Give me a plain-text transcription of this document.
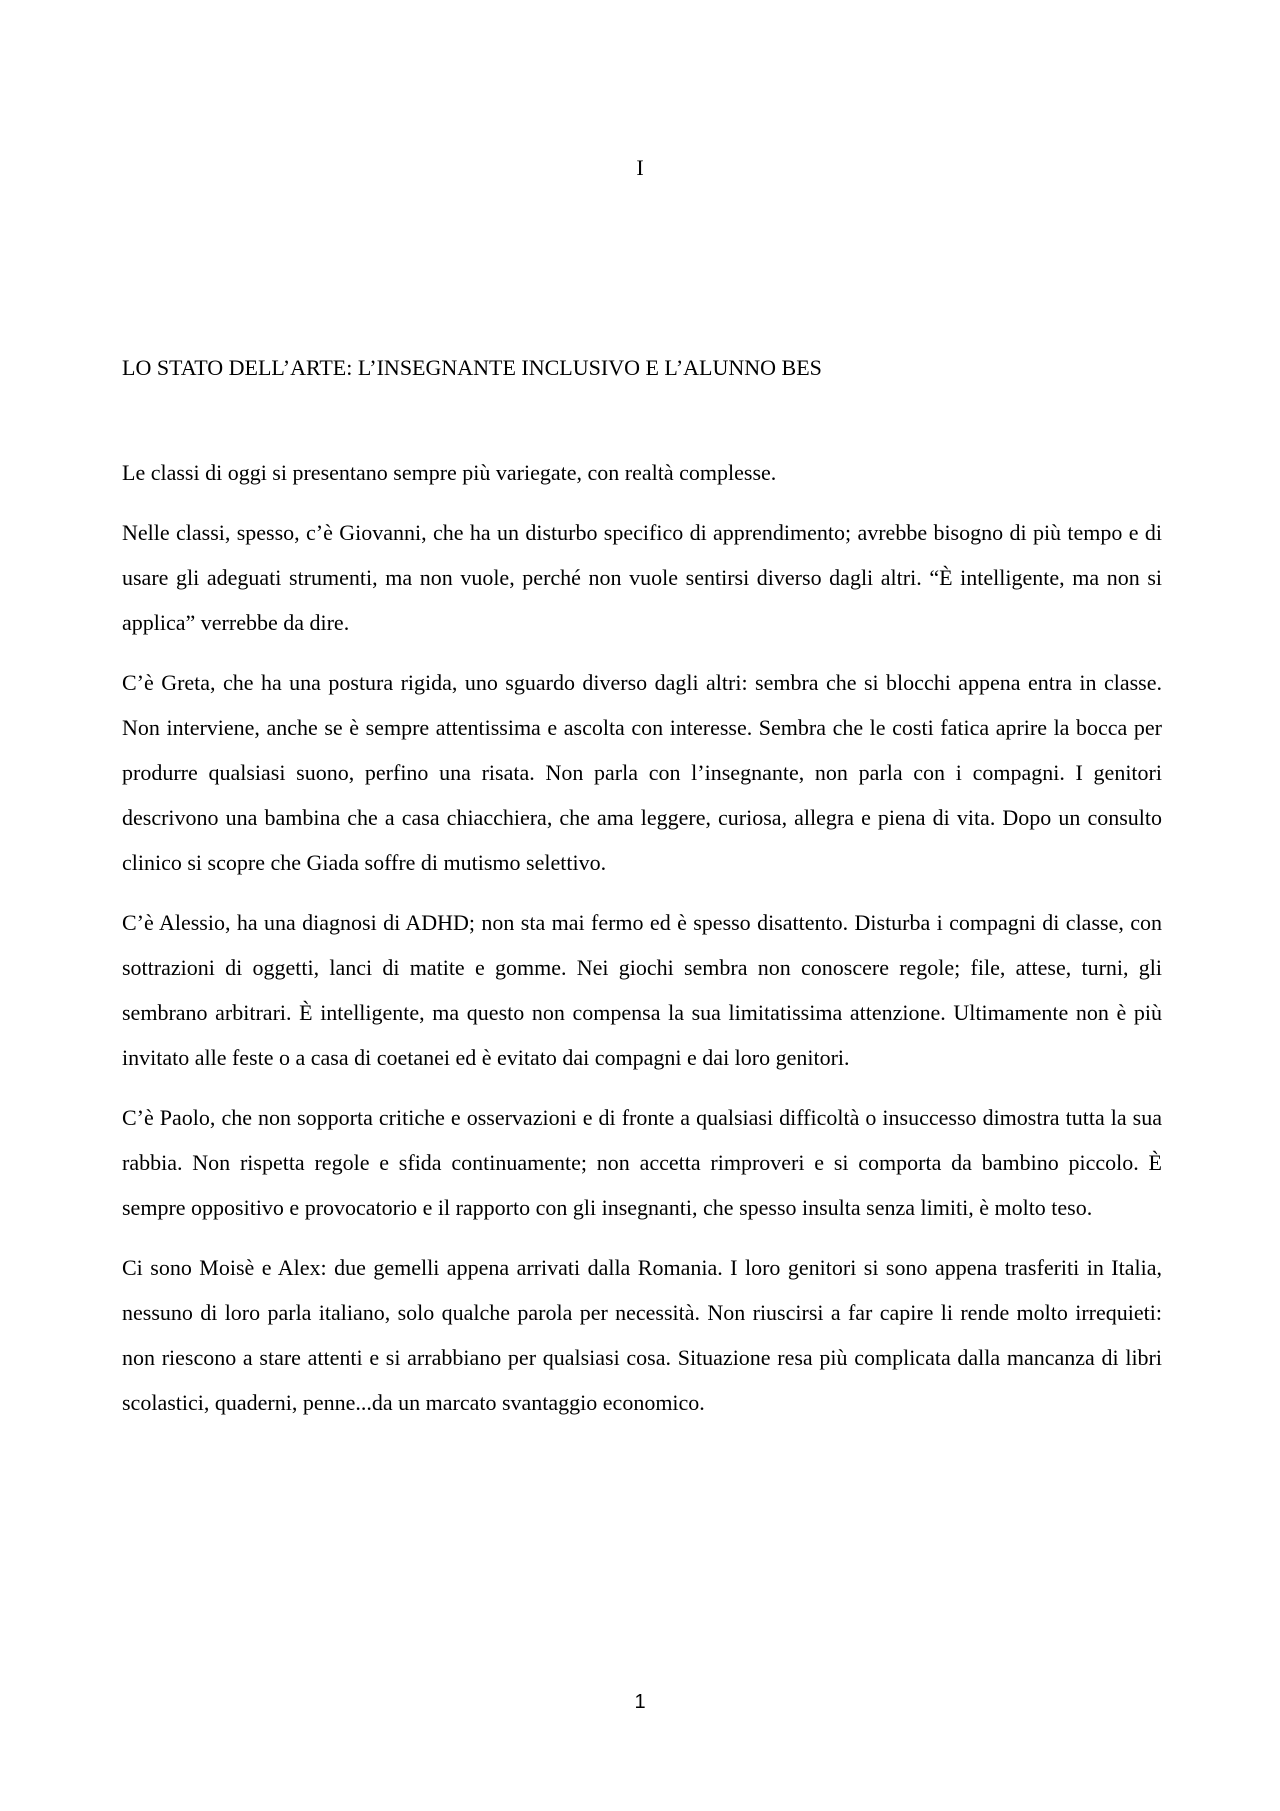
I
LO STATO DELL’ARTE: L’INSEGNANTE INCLUSIVO E L’ALUNNO BES

Le classi di oggi si presentano sempre più variegate, con realtà complesse.

Nelle classi, spesso, c’è Giovanni, che ha un disturbo specifico di apprendimento; avrebbe bisogno di più tempo e di usare gli adeguati strumenti, ma non vuole, perché non vuole sentirsi diverso dagli altri. “È intelligente, ma non si applica” verrebbe da dire.

C’è Greta, che ha una postura rigida, uno sguardo diverso dagli altri: sembra che si blocchi appena entra in classe. Non interviene, anche se è sempre attentissima e ascolta con interesse. Sembra che le costi fatica aprire la bocca per produrre qualsiasi suono, perfino una risata. Non parla con l’insegnante, non parla con i compagni. I genitori descrivono una bambina che a casa chiacchiera, che ama leggere, curiosa, allegra e piena di vita. Dopo un consulto clinico si scopre che Giada soffre di mutismo selettivo.

C’è Alessio, ha una diagnosi di ADHD; non sta mai fermo ed è spesso disattento. Disturba i compagni di classe, con sottrazioni di oggetti, lanci di matite e gomme. Nei giochi sembra non conoscere regole; file, attese, turni, gli sembrano arbitrari. È intelligente, ma questo non compensa la sua limitatissima attenzione. Ultimamente non è più invitato alle feste o a casa di coetanei ed è evitato dai compagni e dai loro genitori.

C’è Paolo, che non sopporta critiche e osservazioni e di fronte a qualsiasi difficoltà o insuccesso dimostra tutta la sua rabbia. Non rispetta regole e sfida continuamente; non accetta rimproveri e si comporta da bambino piccolo. È sempre oppositivo e provocatorio e il rapporto con gli insegnanti, che spesso insulta senza limiti, è molto teso.

Ci sono Moisè e Alex: due gemelli appena arrivati dalla Romania. I loro genitori si sono appena trasferiti in Italia, nessuno di loro parla italiano, solo qualche parola per necessità. Non riuscirsi a far capire li rende molto irrequieti: non riescono a stare attenti e si arrabbiano per qualsiasi cosa. Situazione resa più complicata dalla mancanza di libri scolastici, quaderni, penne...da un marcato svantaggio economico.

1
